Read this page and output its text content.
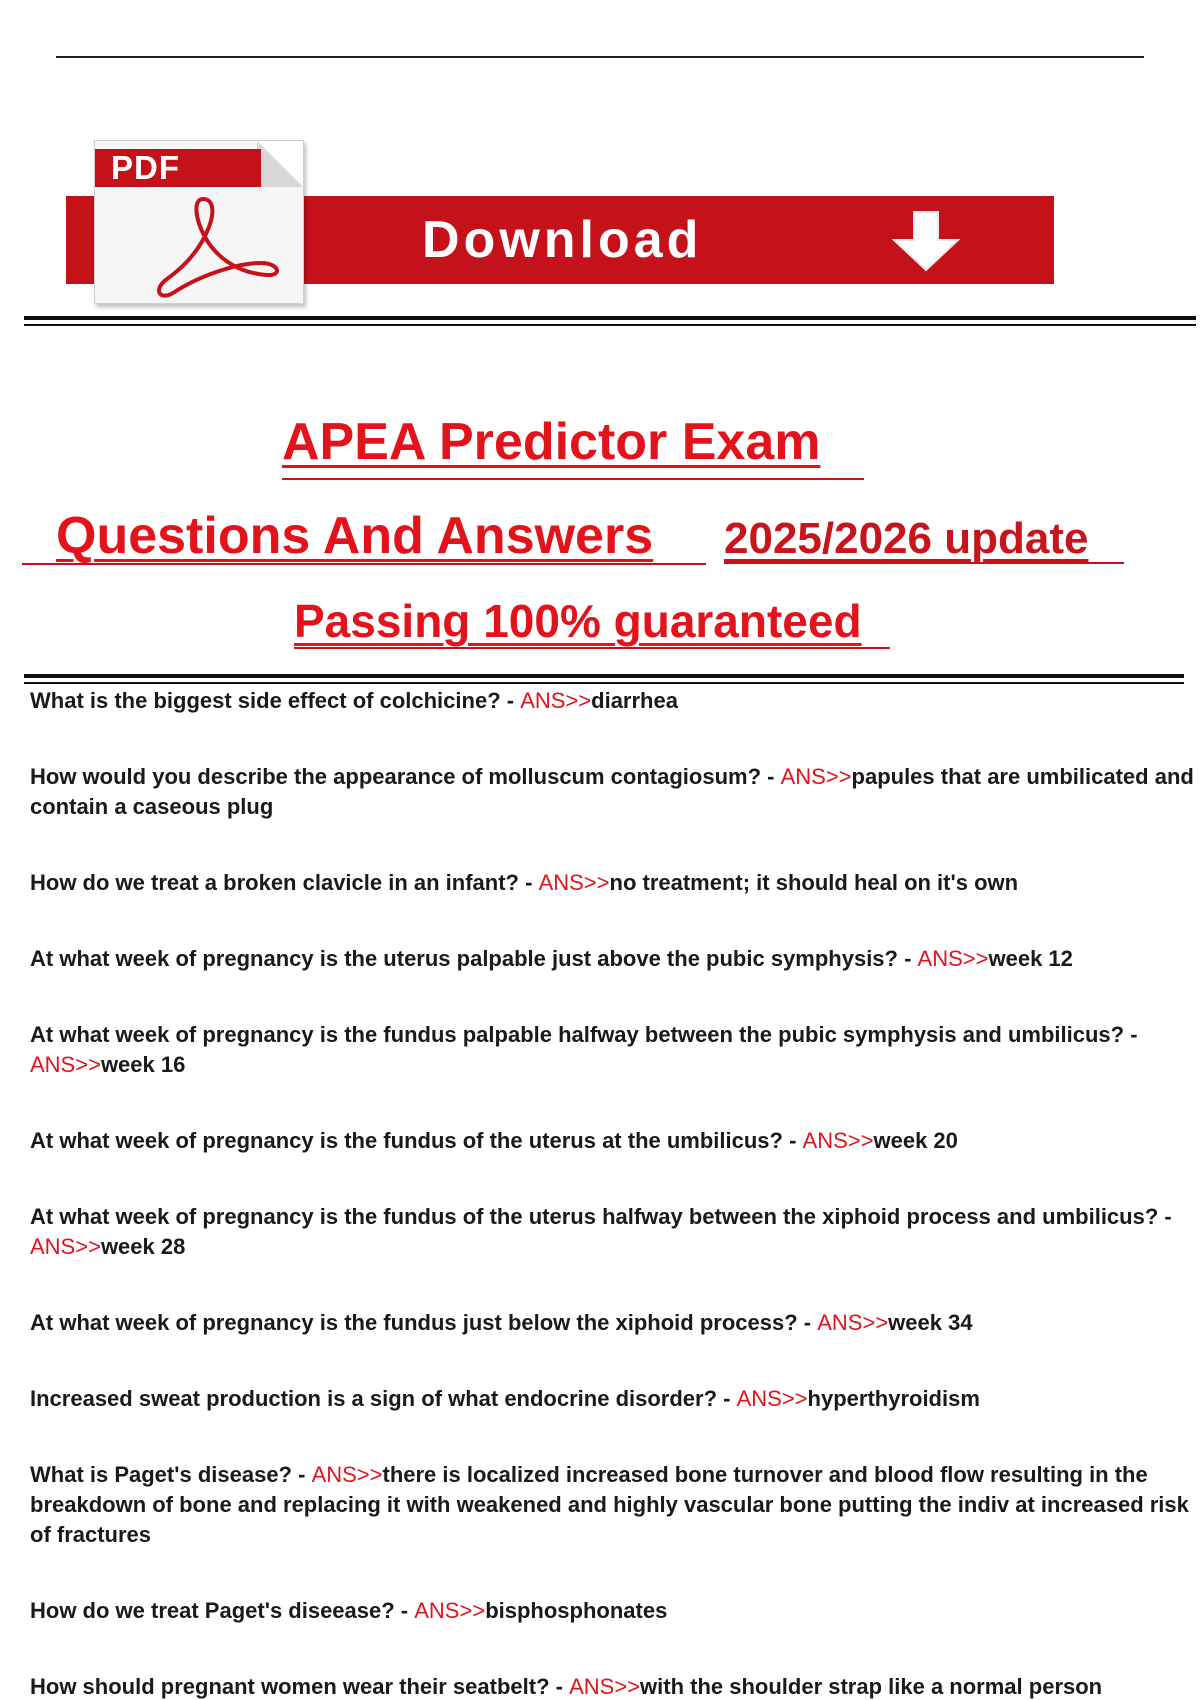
Download
PDF
APEA Predictor Exam
Questions And Answers 2025/2026 update
Passing 100% guaranteed
What is the biggest side effect of colchicine? - ANS>>diarrhea
How would you describe the appearance of molluscum contagiosum? - ANS>>papules that are umbilicated and contain a caseous plug
How do we treat a broken clavicle in an infant? - ANS>>no treatment; it should heal on it's own
At what week of pregnancy is the uterus palpable just above the pubic symphysis? - ANS>>week 12
At what week of pregnancy is the fundus palpable halfway between the pubic symphysis and umbilicus? - ANS>>week 16
At what week of pregnancy is the fundus of the uterus at the umbilicus? - ANS>>week 20
At what week of pregnancy is the fundus of the uterus halfway between the xiphoid process and umbilicus? - ANS>>week 28
At what week of pregnancy is the fundus just below the xiphoid process? - ANS>>week 34
Increased sweat production is a sign of what endocrine disorder? - ANS>>hyperthyroidism
What is Paget's disease? - ANS>>there is localized increased bone turnover and blood flow resulting in the breakdown of bone and replacing it with weakened and highly vascular bone putting the indiv at increased risk of fractures
How do we treat Paget's diseease? - ANS>>bisphosphonates
How should pregnant women wear their seatbelt? - ANS>>with the shoulder strap like a normal person
